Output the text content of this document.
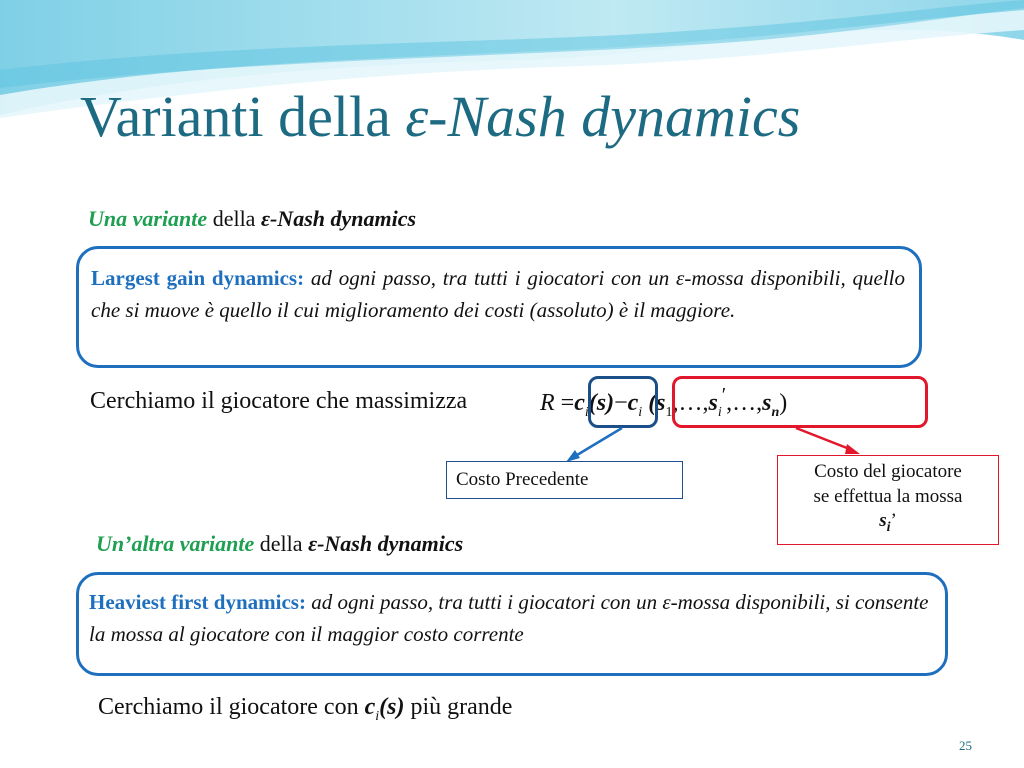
Varianti della ε-Nash dynamics
Una variante della ε-Nash dynamics

Largest gain dynamics: ad ogni passo, tra tutti i giocatori con un ε-mossa disponibili, quello che si muove è quello il cui miglioramento dei costi (assoluto) è il maggiore.

Cerchiamo il giocatore che massimizza	$R =c_i(s)-c_i$ $(s_1,\dots,s_i',\dots,s_n)$
Costo Precedente	Costo del giocatore
se effettua la mossa
$s_i$’
Un’altra variante della ε-Nash dynamics

Heaviest first dynamics: ad ogni passo, tra tutti i giocatori con un ε-mossa disponibili, si consente la mossa al giocatore con il maggior costo corrente

Cerchiamo il giocatore con $c_i(s)$ più grande
25
